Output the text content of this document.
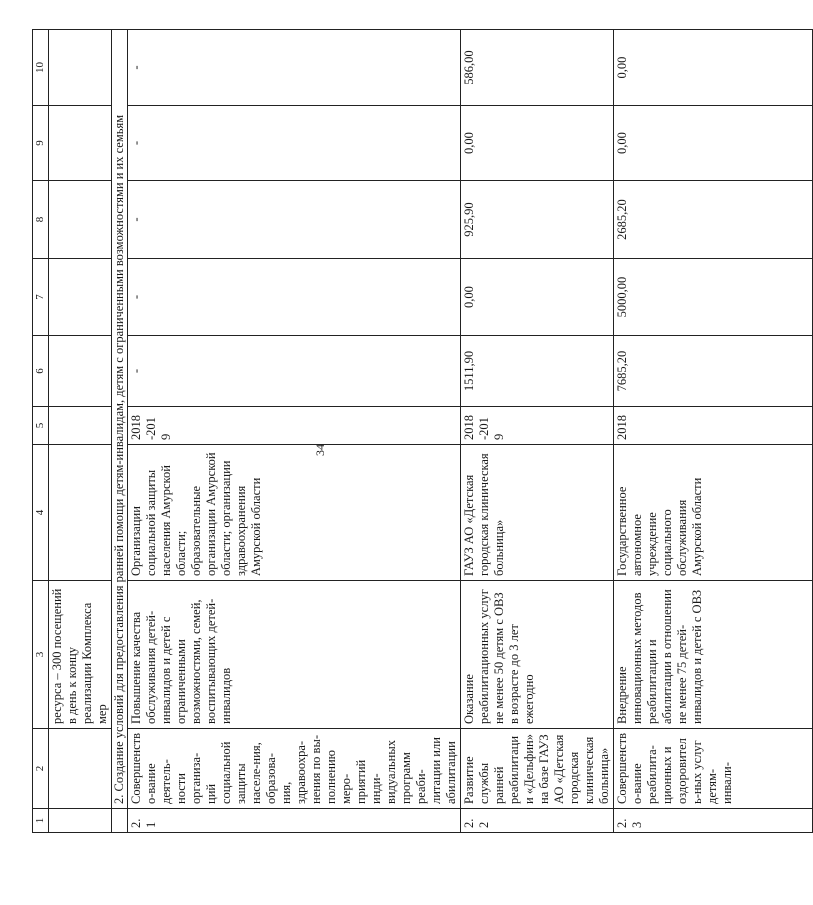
34
1	2	3	4	5	6	7	8	9	10
		ресурса – 300 посещений в день к концу реализации Комплекса мер							
	2. Создание условий для предоставления ранней помощи детям-инвалидам, детям с ограниченными возможностями и их семьям								
2.1	Совершенство-вание деятель-ности организа-ций социальной защиты населе-ния, образова-ния, здравоохра-нения по вы-полнению меро-приятий инди-видуальных программ реаби-литации или абилитации	Повышение качества обслуживания детей-инвалидов и детей с ограниченными возможностями, семей, воспитывающих детей-инвалидов	Организации социальной защиты населения Амурской области; образовательные организации Амурской области; организации здравоохранения Амурской области	2018-2019	-	-	-	-	-
2.2	Развитие службы ранней реабилитации «Дельфин» на базе ГАУЗ АО «Детская городская клиническая больница»	Оказание реабилитационных услуг не менее 50 детям с ОВЗ в возрасте до 3 лет ежегодно	ГАУЗ АО «Детская городская клиническая больница»	2018-2019	1511,90	0,00	925,90	0,00	586,00
2.3	Совершенство-вание реабилита-ционных и оздоровитель-ных услуг детям-инвали-	Внедрение инновационных методов реабилитации и абилитации в отношении не менее 75 детей-инвалидов и детей с ОВЗ	Государственное автономное учреждение социального обслуживания Амурской области	2018	7685,20	5000,00	2685,20	0,00	0,00
